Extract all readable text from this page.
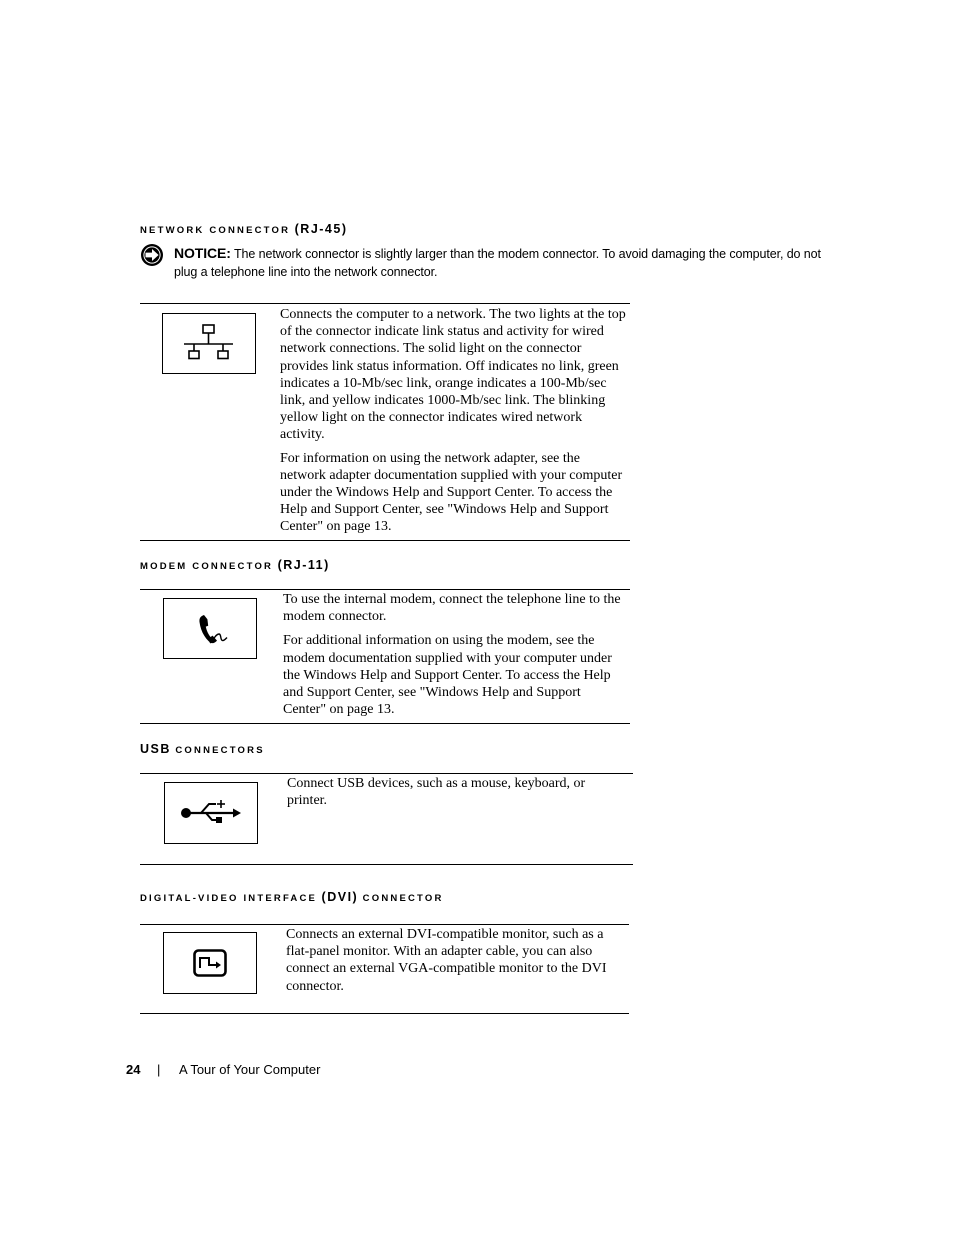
NETWORK CONNECTOR (RJ-45)
NOTICE: The network connector is slightly larger than the modem connector. To avoid damaging the computer, do not plug a telephone line into the network connector.

Connects the computer to a network. The two lights at the top of the connector indicate link status and activity for wired network connections. The solid light on the connector provides link status information. Off indicates no link, green indicates a 10-Mb/sec link, orange indicates a 100-Mb/sec link, and yellow indicates 1000-Mb/sec link. The blinking yellow light on the connector indicates wired network activity.

For information on using the network adapter, see the network adapter documentation supplied with your computer under the Windows Help and Support Center. To access the Help and Support Center, see "Windows Help and Support Center" on page 13.

MODEM CONNECTOR (RJ-11)

To use the internal modem, connect the telephone line to the modem connector.

For additional information on using the modem, see the modem documentation supplied with your computer under the Windows Help and Support Center. To access the Help and Support Center, see "Windows Help and Support Center" on page 13.

USB CONNECTORS

Connect USB devices, such as a mouse, keyboard, or printer.

DIGITAL-VIDEO INTERFACE (DVI) CONNECTOR

Connects an external DVI-compatible monitor, such as a flat-panel monitor. With an adapter cable, you can also connect an external VGA-compatible monitor to the DVI connector.

24 | A Tour of Your Computer
